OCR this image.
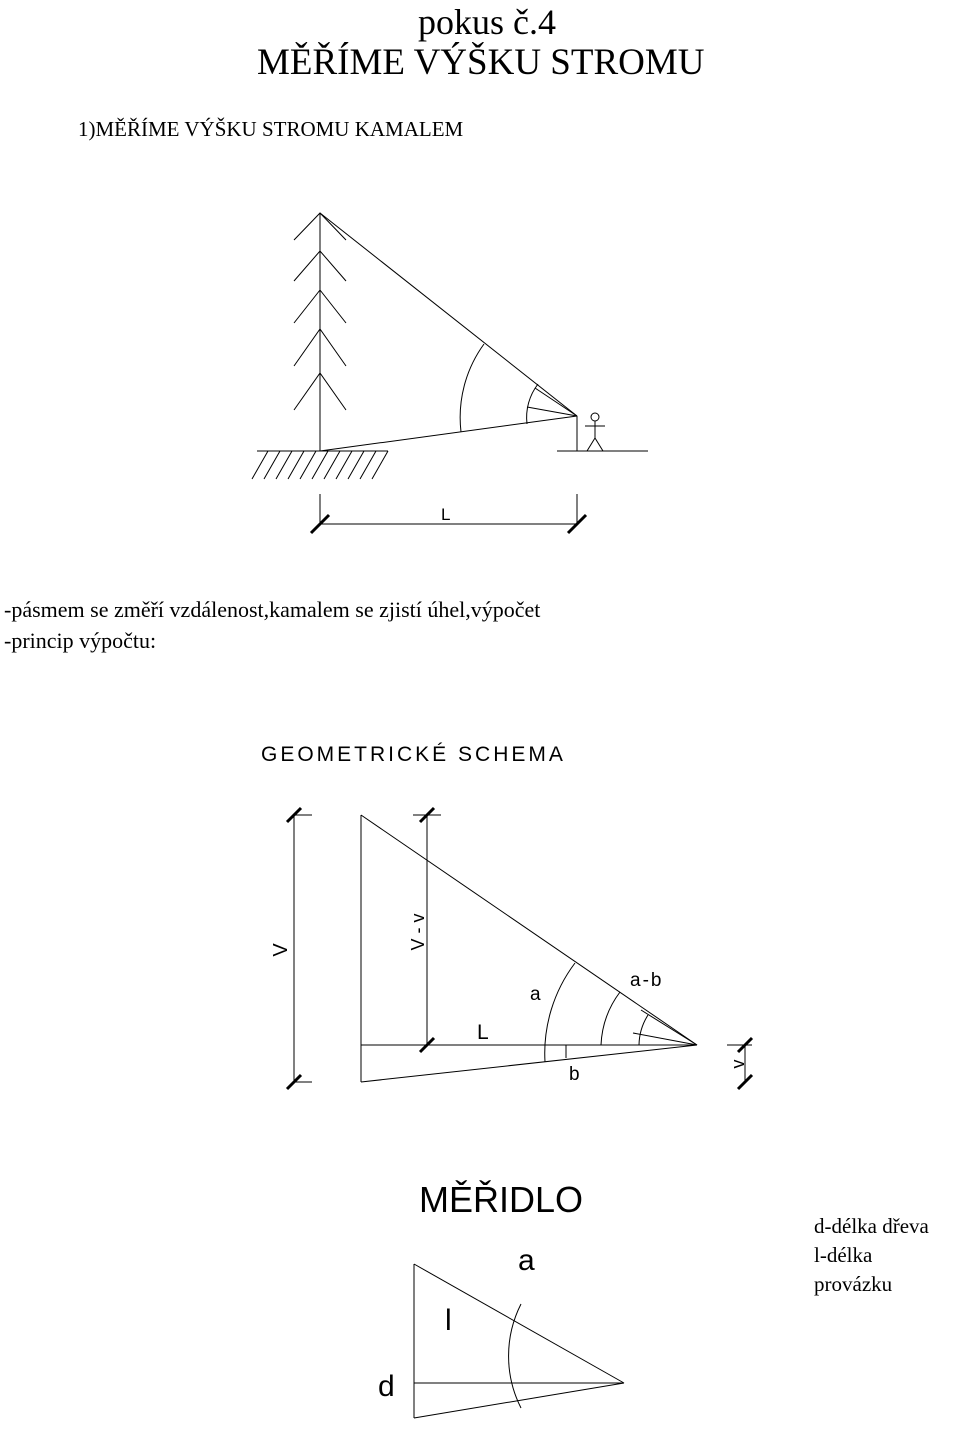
pokus č.4
MĚŘÍME VÝŠKU STROMU
1)MĚŘÍME VÝŠKU STROMU KAMALEM
L
V	V - v
v
L
a
b
a-b
d
l
a
-pásmem se změří vzdálenost,kamalem se zjistí úhel,výpočet
-princip výpočtu:
GEOMETRICKÉ SCHEMA
MĚŘIDLO
d-délka dřeva
l-délka
provázku
